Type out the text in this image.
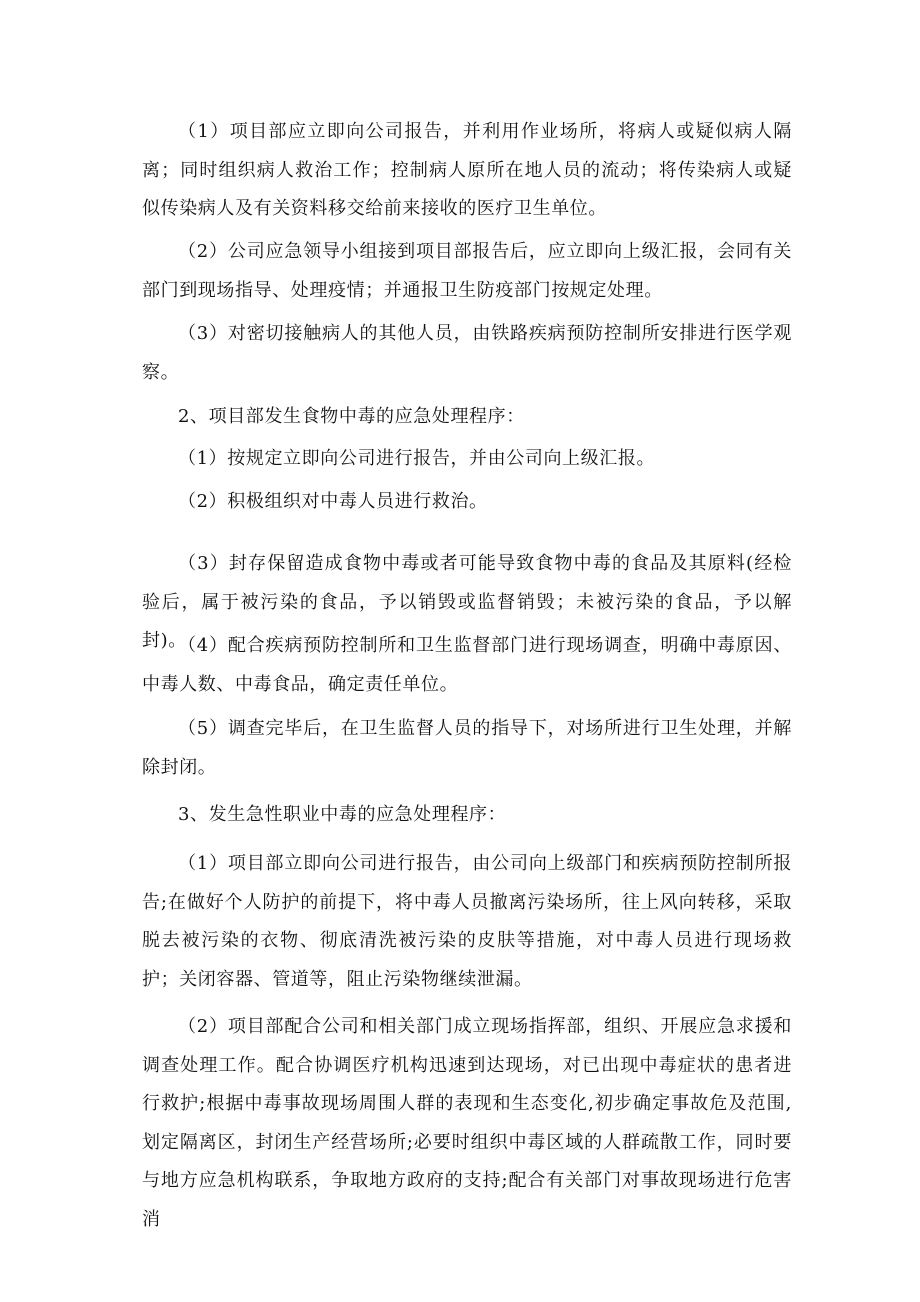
（1）项目部应立即向公司报告，并利用作业场所，将病人或疑似病人隔离；同时组织病人救治工作；控制病人原所在地人员的流动；将传染病人或疑似传染病人及有关资料移交给前来接收的医疗卫生单位。

（2）公司应急领导小组接到项目部报告后，应立即向上级汇报，会同有关部门到现场指导、处理疫情；并通报卫生防疫部门按规定处理。

（3）对密切接触病人的其他人员，由铁路疾病预防控制所安排进行医学观察。

2、项目部发生食物中毒的应急处理程序：

（1）按规定立即向公司进行报告，并由公司向上级汇报。

（2）积极组织对中毒人员进行救治。

（3）封存保留造成食物中毒或者可能导致食物中毒的食品及其原料(经检验后，属于被污染的食品，予以销毁或监督销毁；未被污染的食品，予以解封)。

（4）配合疾病预防控制所和卫生监督部门进行现场调查，明确中毒原因、中毒人数、中毒食品，确定责任单位。

（5）调查完毕后，在卫生监督人员的指导下，对场所进行卫生处理，并解除封闭。

3、发生急性职业中毒的应急处理程序：

（1）项目部立即向公司进行报告，由公司向上级部门和疾病预防控制所报告;在做好个人防护的前提下，将中毒人员撤离污染场所，往上风向转移，采取脱去被污染的衣物、彻底清洗被污染的皮肤等措施，对中毒人员进行现场救护；关闭容器、管道等，阻止污染物继续泄漏。

（2）项目部配合公司和相关部门成立现场指挥部，组织、开展应急求援和调查处理工作。配合协调医疗机构迅速到达现场，对已出现中毒症状的患者进行救护;根据中毒事故现场周围人群的表现和生态变化,初步确定事故危及范围,划定隔离区，封闭生产经营场所;必要时组织中毒区域的人群疏散工作，同时要与地方应急机构联系，争取地方政府的支持;配合有关部门对事故现场进行危害消
